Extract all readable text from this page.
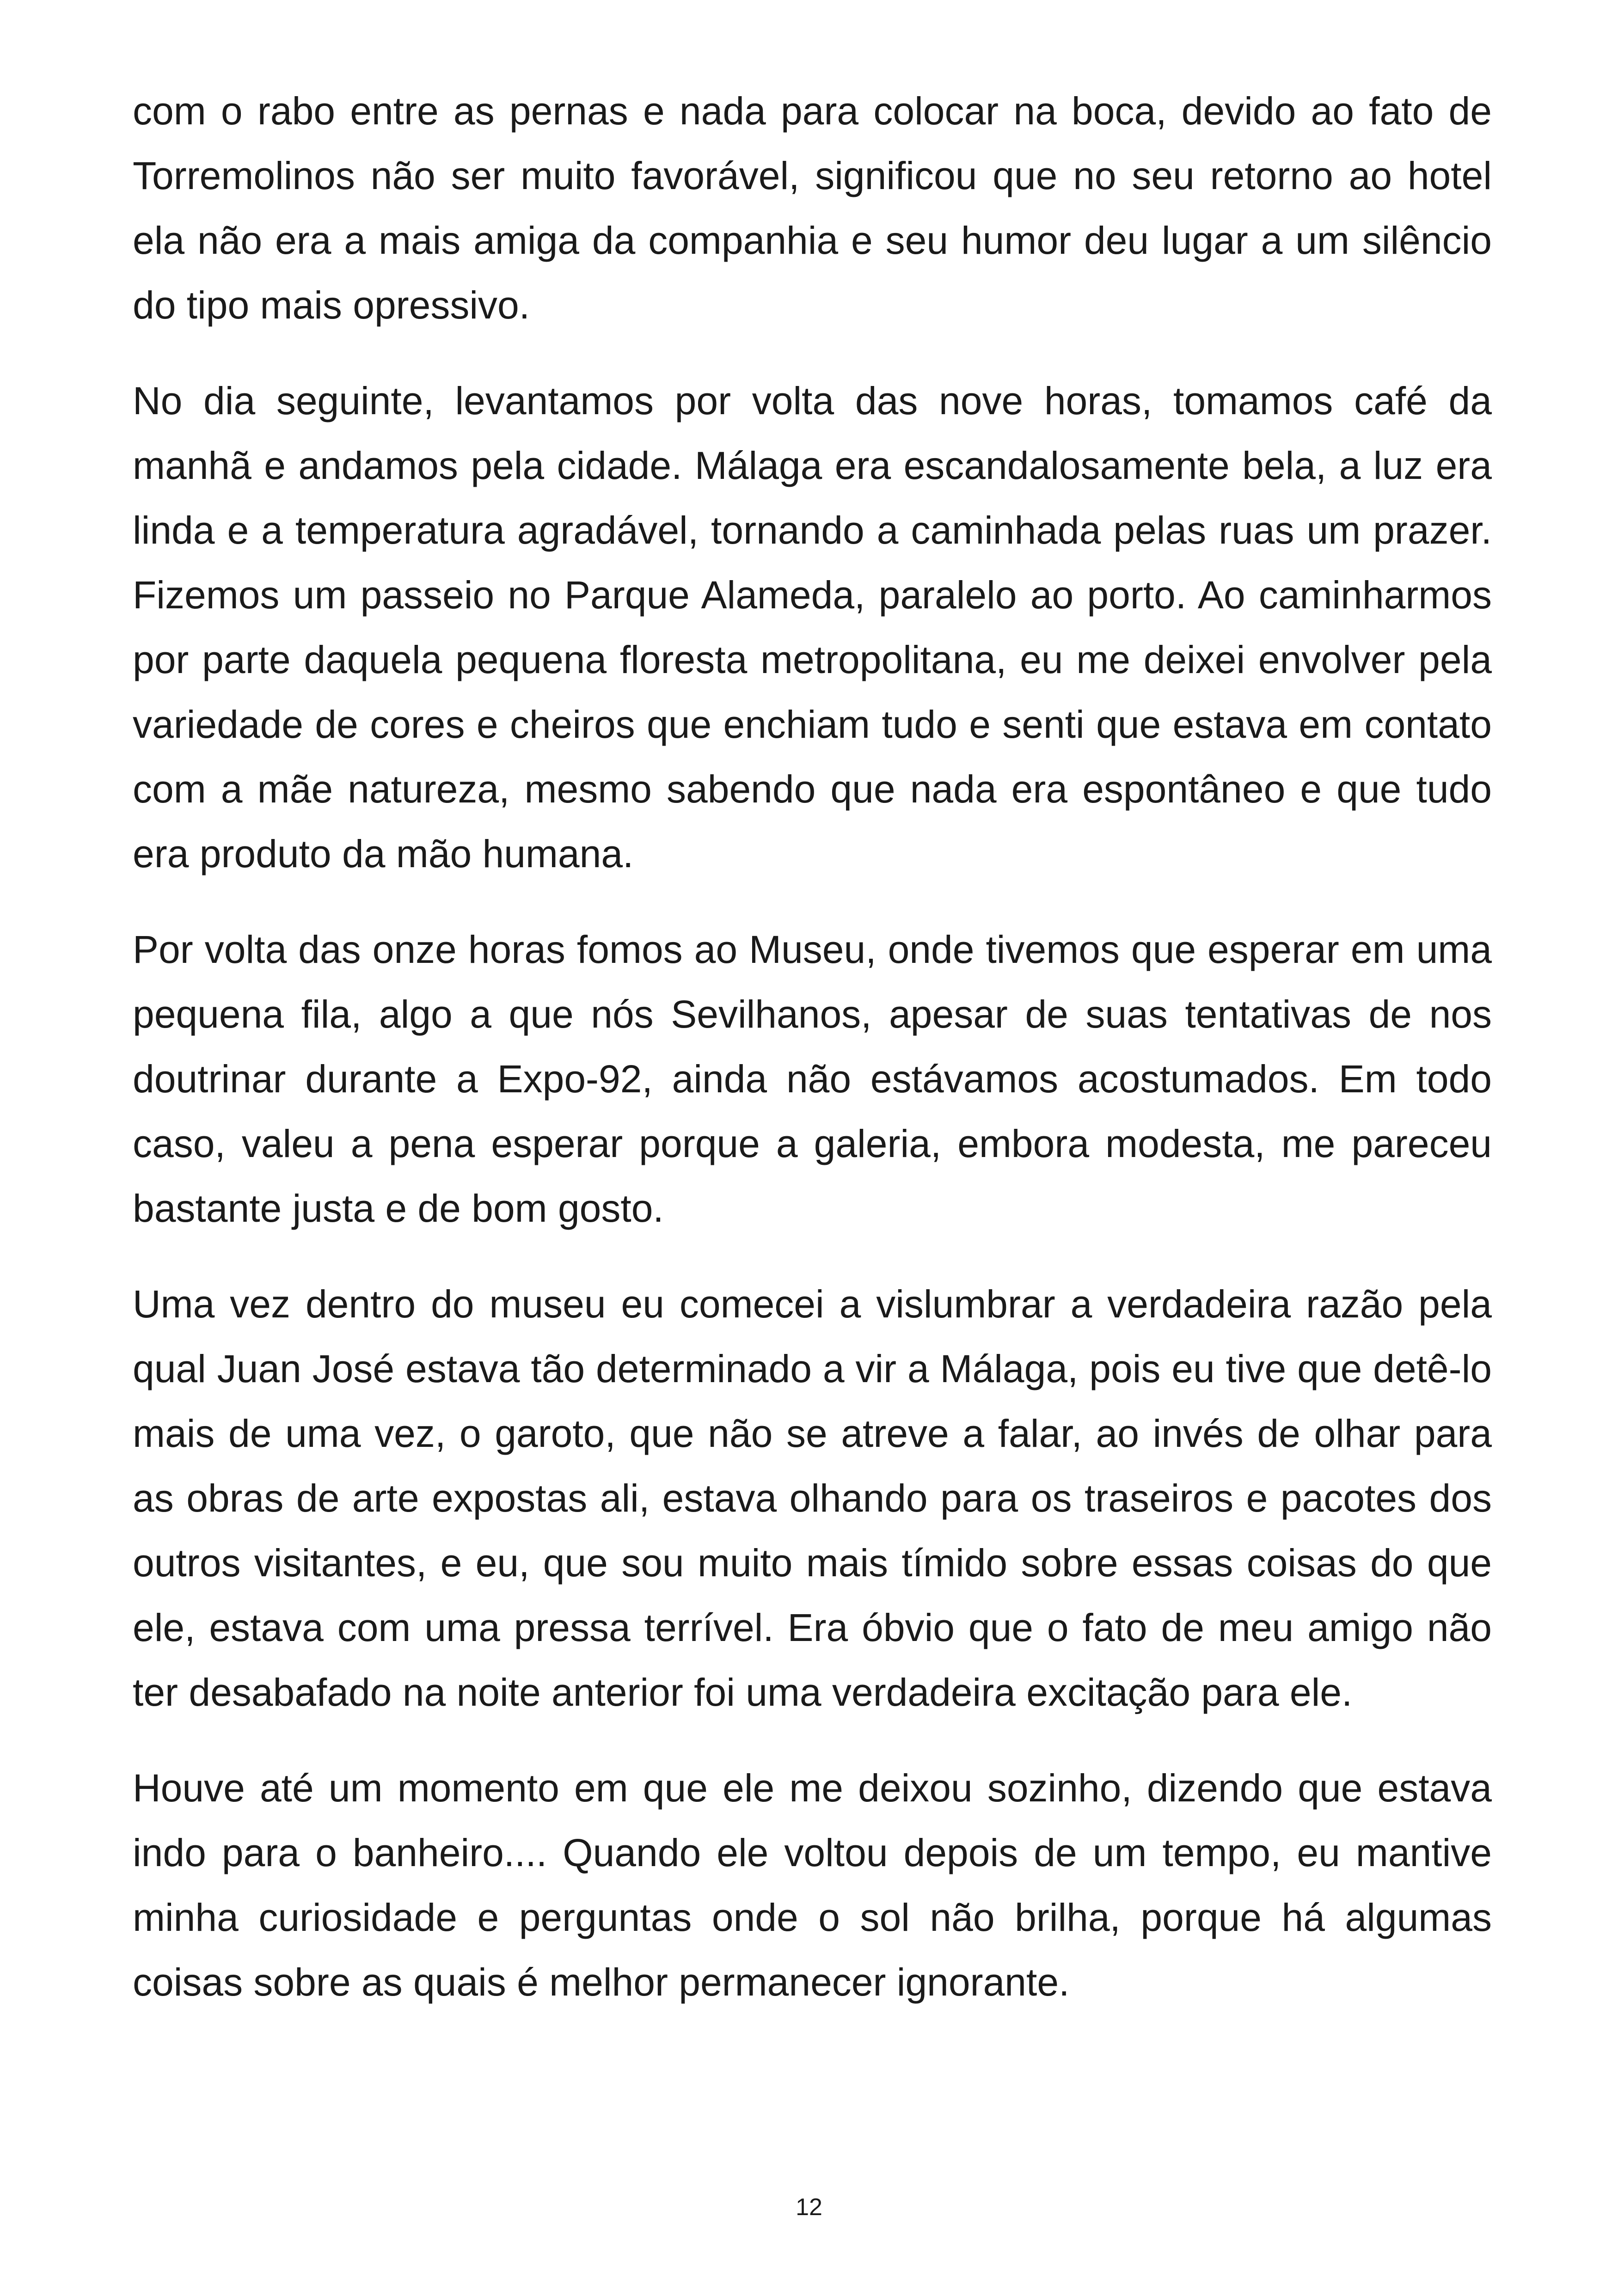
com o rabo entre as pernas e nada para colocar na boca, devido ao fato de Torremolinos não ser muito favorável, significou que no seu retorno ao hotel ela não era a mais amiga da companhia e seu humor deu lugar a um silêncio do tipo mais opressivo.

No dia seguinte, levantamos por volta das nove horas, tomamos café da manhã e andamos pela cidade. Málaga era escandalosamente bela, a luz era linda e a temperatura agradável, tornando a caminhada pelas ruas um prazer. Fizemos um passeio no Parque Alameda, paralelo ao porto. Ao caminharmos por parte daquela pequena floresta metropolitana, eu me deixei envolver pela variedade de cores e cheiros que enchiam tudo e senti que estava em contato com a mãe natureza, mesmo sabendo que nada era espontâneo e que tudo era produto da mão humana.

Por volta das onze horas fomos ao Museu, onde tivemos que esperar em uma pequena fila, algo a que nós Sevilhanos, apesar de suas tentativas de nos doutrinar durante a Expo-92, ainda não estávamos acostumados. Em todo caso, valeu a pena esperar porque a galeria, embora modesta, me pareceu bastante justa e de bom gosto.

Uma vez dentro do museu eu comecei a vislumbrar a verdadeira razão pela qual Juan José estava tão determinado a vir a Málaga, pois eu tive que detê-lo mais de uma vez, o garoto, que não se atreve a falar, ao invés de olhar para as obras de arte expostas ali, estava olhando para os traseiros e pacotes dos outros visitantes, e eu, que sou muito mais tímido sobre essas coisas do que ele, estava com uma pressa terrível. Era óbvio que o fato de meu amigo não ter desabafado na noite anterior foi uma verdadeira excitação para ele.

Houve até um momento em que ele me deixou sozinho, dizendo que estava indo para o banheiro.... Quando ele voltou depois de um tempo, eu mantive minha curiosidade e perguntas onde o sol não brilha, porque há algumas coisas sobre as quais é melhor permanecer ignorante.

12
